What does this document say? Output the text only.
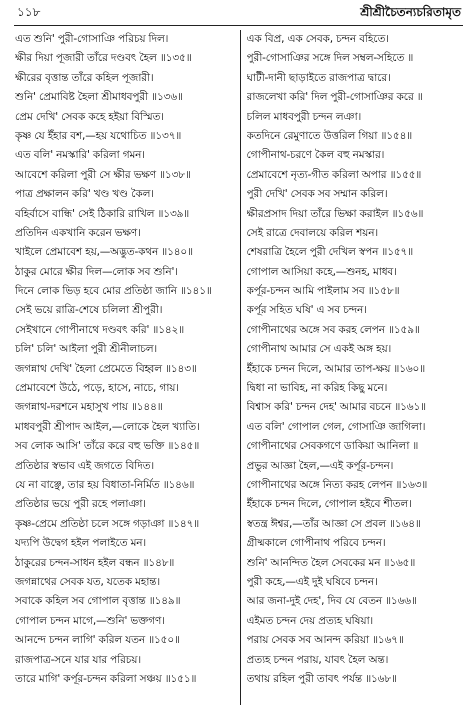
১১৮	শ্রীশ্রীচৈতন্যচরিতামৃত
এত শুনি' পুরী-গোসাঞি পরিচয় দিল।
ক্ষীর দিয়া পূজারী তাঁরে দণ্ডবৎ হৈল ॥১৩৫॥
ক্ষীরের বৃত্তান্ত তাঁরে কহিল পূজারী।
শুনি' প্রেমাবিষ্ট হৈলা শ্রীমাধবপুরী ॥১৩৬॥
প্রেম দেখি' সেবক কহে হইয়া বিস্মিত।
কৃষ্ণ যে ইঁহার বশ,—হয় যথোচিত ॥১৩৭॥
এত বলি' নমস্কারি' করিলা গমন।
আবেশে করিলা পুরী সে ক্ষীর ভক্ষণ ॥১৩৮॥
পাত্র প্রক্ষালন করি' খণ্ড খণ্ড কৈল।
বহির্বাসে বান্ধি' সেই ঠিকারি রাখিল ॥১৩৯॥
প্রতিদিন একখানি করেন ভক্ষণ।
খাইলে প্রেমাবেশ হয়,—অদ্ভুত-কথন ॥১৪০॥
ঠাকুর মোরে ক্ষীর দিল—লোক সব শুনি'।
দিনে লোক ভিড় হবে মোর প্রতিষ্ঠা জানি ॥১৪১॥
সেই ভয়ে রাত্রি-শেষে চলিলা শ্রীপুরী।
সেইখানে গোপীনাথে দণ্ডবৎ করি' ॥১৪২॥
চলি' চলি' আইলা পুরী শ্রীনীলাচল।
জগন্নাথ দেখি' হৈলা প্রেমেতে বিহ্বল ॥১৪৩॥
প্রেমাবেশে উঠে, পড়ে, হাসে, নাচে, গায়।
জগন্নাথ-দরশনে মহাসুখ পায় ॥১৪৪॥
মাধবপুরী শ্রীপাদ আইল,—লোকে হৈল খ্যাতি।
সব লোক আসি' তাঁরে করে বহু ভক্তি ॥১৪৫॥
প্রতিষ্ঠার স্বভাব এই জগতে বিদিত।
যে না বাঞ্ছে, তার হয় বিধাতা-নির্মিত ॥১৪৬॥
প্রতিষ্ঠার ভয়ে পুরী রহে পলাঞা।
কৃষ্ণ-প্রেমে প্রতিষ্ঠা চলে সঙ্গে গড়াঞা ॥১৪৭॥
যদ্যপি উদ্বেগ হইল পলাইতে মন।
ঠাকুরের চন্দন-সাধন হইল বন্ধন ॥১৪৮॥
জগন্নাথের সেবক যত, যতেক মহান্ত।
সবাকে কহিল সব গোপাল বৃত্তান্ত ॥১৪৯॥
গোপাল চন্দন মাগে,—শুনি' ভক্তগণ।
আনন্দে চন্দন লাগি' করিল যতন ॥১৫০॥
রাজপাত্র-সনে যার যার পরিচয়।
তারে মাগি' কর্পূর-চন্দন করিলা সঞ্চয় ॥১৫১॥
এক বিপ্র, এক সেবক, চন্দন বহিতে।
পুরী-গোসাঞির সঙ্গে দিল সম্বল-সহিতে ॥
ঘাটী-দানী ছাড়াইতে রাজপাত্র দ্বারে।
রাজলেখা করি' দিল পুরী-গোসাঞির করে ॥
চলিল মাধবপুরী চন্দন লঞা।
কতদিনে রেমুণাতে উত্তরিল গিয়া ॥১৫৪॥
গোপীনাথ-চরণে কৈল বহু নমস্কার।
প্রেমাবেশে নৃত্য-গীত করিলা অপার ॥১৫৫॥
পুরী দেখি' সেবক সব সম্মান করিল।
ক্ষীরপ্রসাদ দিয়া তাঁরে ভিক্ষা করাইল ॥১৫৬॥
সেই রাত্রে দেবালয়ে করিল শয়ন।
শেষরাত্রি হৈলে পুরী দেখিল স্বপন ॥১৫৭॥
গোপাল আসিয়া কহে,—শুনহ, মাধব।
কর্পূর-চন্দন আমি পাইলাম সব ॥১৫৮॥
কর্পূর সহিত ঘষি' এ সব চন্দন।
গোপীনাথের অঙ্গে সব করহ লেপন ॥১৫৯॥
গোপীনাথ আমার সে একই অঙ্গ হয়।
ইঁহাকে চন্দন দিলে, আমার তাপ-ক্ষয় ॥১৬০॥
দ্বিধা না ভাবিহ, না করিহ কিছু মনে।
বিশ্বাস করি' চন্দন দেহ' আমার বচনে ॥১৬১॥
এত বলি' গোপাল গেল, গোসাঞি জাগিলা।
গোপীনাথের সেবকগণে ডাকিয়া আনিলা ॥
প্রভুর আজ্ঞা হৈল,—এই কর্পূর-চন্দন।
গোপীনাথের অঙ্গে নিত্য করহ লেপন ॥১৬৩॥
ইঁহাকে চন্দন দিলে, গোপাল হইবে শীতল।
স্বতন্ত্র ঈশ্বর,—তাঁর আজ্ঞা সে প্রবল ॥১৬৪॥
গ্রীষ্মকালে গোপীনাথ পরিবে চন্দন।
শুনি' আনন্দিত হৈল সেবকের মন ॥১৬৫॥
পুরী কহে,—এই দুই ঘষিবে চন্দন।
আর জনা-দুই দেহ', দিব যে বেতন ॥১৬৬॥
এইমত চন্দন দেয় প্রত্যহ ঘষিয়া।
পরায় সেবক সব আনন্দ করিয়া ॥১৬৭॥
প্রত্যহ চন্দন পরায়, যাবৎ হৈল অন্ত।
তথায় রহিল পুরী তাবৎ পর্যন্ত ॥১৬৮॥
